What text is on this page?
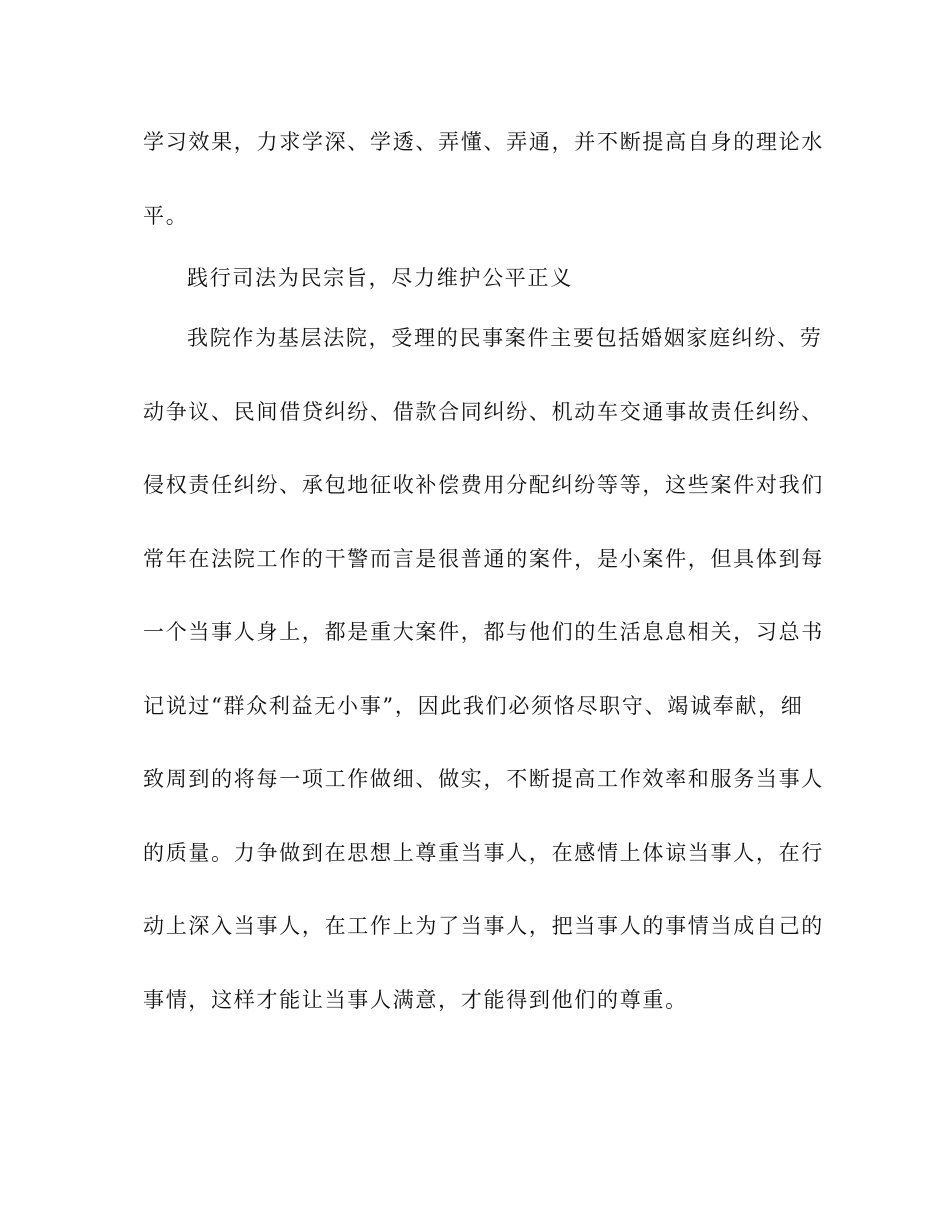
学习效果，力求学深、学透、弄懂、弄通，并不断提高自身的理论水

平。

践行司法为民宗旨，尽力维护公平正义

我院作为基层法院，受理的民事案件主要包括婚姻家庭纠纷、劳

动争议、民间借贷纠纷、借款合同纠纷、机动车交通事故责任纠纷、

侵权责任纠纷、承包地征收补偿费用分配纠纷等等，这些案件对我们

常年在法院工作的干警而言是很普通的案件，是小案件，但具体到每

一个当事人身上，都是重大案件，都与他们的生活息息相关，习总书

记说过“群众利益无小事”，因此我们必须恪尽职守、竭诚奉献，细

致周到的将每一项工作做细、做实，不断提高工作效率和服务当事人

的质量。力争做到在思想上尊重当事人，在感情上体谅当事人，在行

动上深入当事人，在工作上为了当事人，把当事人的事情当成自己的

事情，这样才能让当事人满意，才能得到他们的尊重。
